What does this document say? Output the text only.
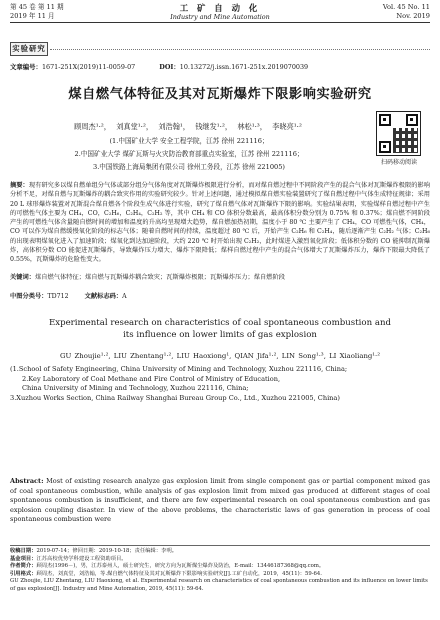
第 45 卷 第 11 期
2019 年 11 月
工 矿 自 动 化
Industry and Mine Automation
Vol. 45 No. 11
Nov. 2019
实验研究
文章编号：1671-251X(2019)11-0059-07	DOI：10.13272/j.issn.1671-251x.2019070039
煤自燃气体特征及其对瓦斯爆炸下限影响实验研究
顾周杰¹·²， 刘真堂¹·²， 刘浩翰¹， 钱继发¹·²， 林松¹·³， 李晓亮¹·²
(1.中国矿业大学 安全工程学院，江苏 徐州 221116；
2.中国矿业大学 煤矿瓦斯与火灾防治教育部重点实验室，江苏 徐州 221116；
3.中国铁路上海局集团有限公司 徐州工务段，江苏 徐州 221005)
扫码移动阅读
摘要：现有研究多以煤自燃单组分气体或部分组分气体角度对瓦斯爆炸极限进行分析，而对煤自燃过程中不同阶段产生的混合气体对瓦斯爆炸极限的影响分析不足，对煤自燃与瓦斯爆炸的耦合致灾作用的实验研究较少。针对上述问题，通过模拟煤自燃实验装置研究了煤自燃过程中气体生成特征规律；采用 20 L 球形爆炸装置对瓦斯混合煤自燃各个阶段生成气体进行实验，研究了煤自燃气体对瓦斯爆炸下限的影响。实验结果表明，实验煤样自燃过程中产生的可燃性气体主要为 CH₄，CO，C₂H₆，C₂H₄，C₂H₂ 等，其中 CH₄ 和 CO 体积分数最高，最高体积分数分别为 0.75% 和 0.37%；煤自燃不同阶段产生的可燃性气体含量随自燃时间的增加和温度的升高均呈现增大趋势，煤自燃加热初期，温度小于 80 ℃ 主要产生了 CH₄，CO 可燃性气体，CH₄，CO 可以作为煤自燃缓慢氧化阶段的标志气体；随着自燃时间的持续，温度超过 80 ℃ 后，开始产生 C₂H₆ 和 C₂H₄，随后逐渐产生 C₂H₂ 气体；C₂H₆ 的出现表明煤氧化进入了加速阶段；煤氧化到达加速阶段，大约 220 ℃ 时开始出现 C₂H₂，此时煤进入激烈氧化阶段；低体积分数的 CO 能抑制瓦斯爆炸，高体积分数 CO 能促进瓦斯爆炸，导致爆炸压力增大、爆炸下限降低；煤样自燃过程中产生的混合气体增大了瓦斯爆炸压力，爆炸下限最大降低了 0.55%，瓦斯爆炸的危险性变大。
关键词：煤自燃气体特征；煤自燃与瓦斯爆炸耦合致灾；瓦斯爆炸极限；瓦斯爆炸压力；煤自燃阶段
中图分类号：TD712	文献标志码：A
Experimental research on characteristics of coal spontaneous combustion and
its influence on lower limits of gas explosion
GU Zhoujie¹·², LIU Zhentang¹·², LIU Haoxiong¹, QIAN Jifa¹·², LIN Song¹·³, LI Xiaoliang¹·²
(1.School of Safety Engineering, China University of Mining and Technology, Xuzhou 221116, China;
2.Key Laboratory of Coal Methane and Fire Control of Ministry of Education,
China University of Mining and Technology, Xuzhou 221116, China;
3.Xuzhou Works Section, China Railway Shanghai Bureau Group Co., Ltd., Xuzhou 221005, China)
Abstract: Most of existing research analyze gas explosion limit from single component gas or partial component mixed gas of coal spontaneous combustion, while analysis of gas explosion limit from mixed gas produced at different stages of coal spontaneous combustion is insufficient, and there are few experimental research on coal spontaneous combustion and gas explosion coupling disaster. In view of the above problems, the characteristic laws of gas generation in process of coal spontaneous combustion were
收稿日期：2019-07-14；修回日期：2019-10-18；责任编辑：李明。
基金项目：江苏高校优势学科建设工程资助项目。
作者简介：顾周杰(1996－)，男，江苏泰州人，硕士研究生，研究方向为瓦斯煤尘爆炸及防治，E-mail：13446187368@qq.com。
引用格式：顾周杰，刘真堂，刘浩翰，等.煤自燃气体特征及其对瓦斯爆炸下限影响实验研究[J].工矿自动化，2019，45(11)：59-64.
GU Zhoujie, LIU Zhentang, LIU Haoxiong, et al. Experimental research on characteristics of coal spontaneous combustion and its influence on lower limits of gas explosion[J]. Industry and Mine Automation, 2019, 45(11): 59-64.
